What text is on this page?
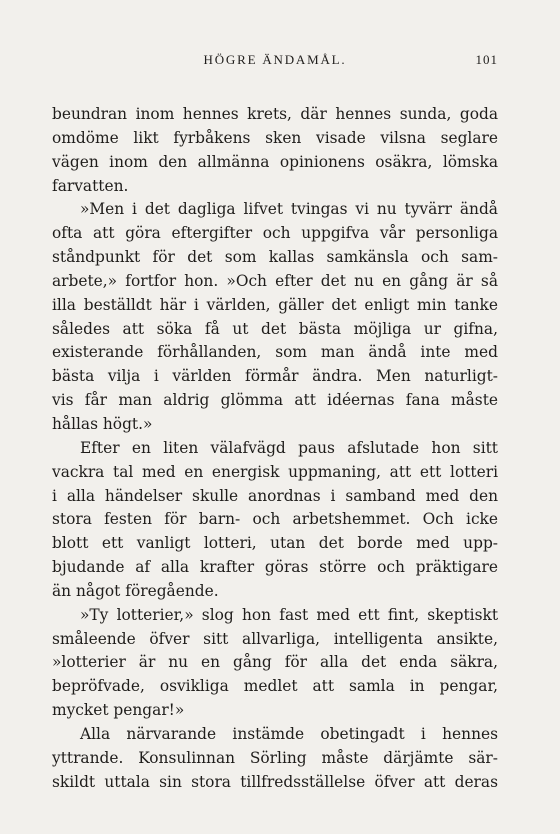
HÖGRE ÄNDAMÅL.	101
beundran inom hennes krets, där hennes sunda, goda
omdöme likt fyrbåkens sken visade vilsna seglare
vägen inom den allmänna opinionens osäkra, lömska
farvatten.
»Men i det dagliga lifvet tvingas vi nu tyvärr ändå
ofta att göra eftergifter och uppgifva vår personliga
ståndpunkt för det som kallas samkänsla och sam-
arbete,» fortfor hon. »Och efter det nu en gång är så
illa beställdt här i världen, gäller det enligt min tanke
således att söka få ut det bästa möjliga ur gifna,
existerande förhållanden, som man ändå inte med
bästa vilja i världen förmår ändra. Men naturligt-
vis får man aldrig glömma att idéernas fana måste
hållas högt.»
Efter en liten välafvägd paus afslutade hon sitt
vackra tal med en energisk uppmaning, att ett lotteri
i alla händelser skulle anordnas i samband med den
stora festen för barn- och arbetshemmet. Och icke
blott ett vanligt lotteri, utan det borde med upp-
bjudande af alla krafter göras större och präktigare
än något föregående.
»Ty lotterier,» slog hon fast med ett fint, skeptiskt
småleende öfver sitt allvarliga, intelligenta ansikte,
»lotterier är nu en gång för alla det enda säkra,
bepröfvade, osvikliga medlet att samla in pengar,
mycket pengar!»
Alla närvarande instämde obetingadt i hennes
yttrande. Konsulinnan Sörling måste därjämte sär-
skildt uttala sin stora tillfredsställelse öfver att deras
